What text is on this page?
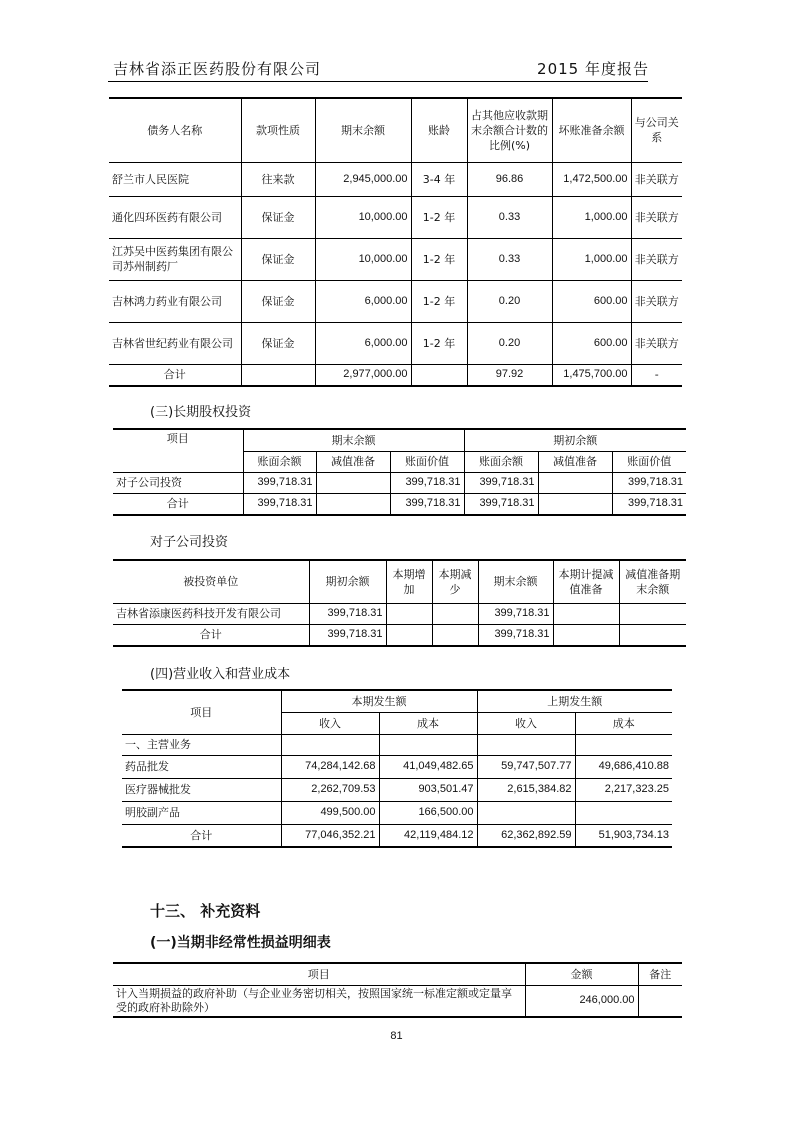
吉林省添正医药股份有限公司	2015 年度报告
债务人名称	款项性质	期末余额	账龄	占其他应收款期末余额合计数的比例(%)	坏账准备余额	与公司关系
舒兰市人民医院	往来款	2,945,000.00	3-4 年	96.86	1,472,500.00	非关联方
通化四环医药有限公司	保证金	10,000.00	1-2 年	0.33	1,000.00	非关联方
江苏吴中医药集团有限公司苏州制药厂	保证金	10,000.00	1-2 年	0.33	1,000.00	非关联方
吉林鸿力药业有限公司	保证金	6,000.00	1-2 年	0.20	600.00	非关联方
吉林省世纪药业有限公司	保证金	6,000.00	1-2 年	0.20	600.00	非关联方
合计		2,977,000.00		97.92	1,475,700.00	-
(三)长期股权投资
项目	期末余额			期初余额		
	账面余额	减值准备	账面价值	账面余额	减值准备	账面价值
对子公司投资	399,718.31		399,718.31	399,718.31		399,718.31
合计	399,718.31		399,718.31	399,718.31		399,718.31
对子公司投资
被投资单位	期初余额	本期增加	本期减少	期末余额	本期计提减值准备	减值准备期末余额
吉林省添康医药科技开发有限公司	399,718.31			399,718.31		
合计	399,718.31			399,718.31		
(四)营业收入和营业成本
项目	本期发生额		上期发生额	
	收入	成本	收入	成本
一、主营业务				
药品批发	74,284,142.68	41,049,482.65	59,747,507.77	49,686,410.88
医疗器械批发	2,262,709.53	903,501.47	2,615,384.82	2,217,323.25
明胶副产品	499,500.00	166,500.00		
合计	77,046,352.21	42,119,484.12	62,362,892.59	51,903,734.13
十三、 补充资料
(一)当期非经常性损益明细表
项目	金额	备注
计入当期损益的政府补助（与企业业务密切相关，按照国家统一标准定额或定量享受的政府补助除外）	246,000.00	
81
